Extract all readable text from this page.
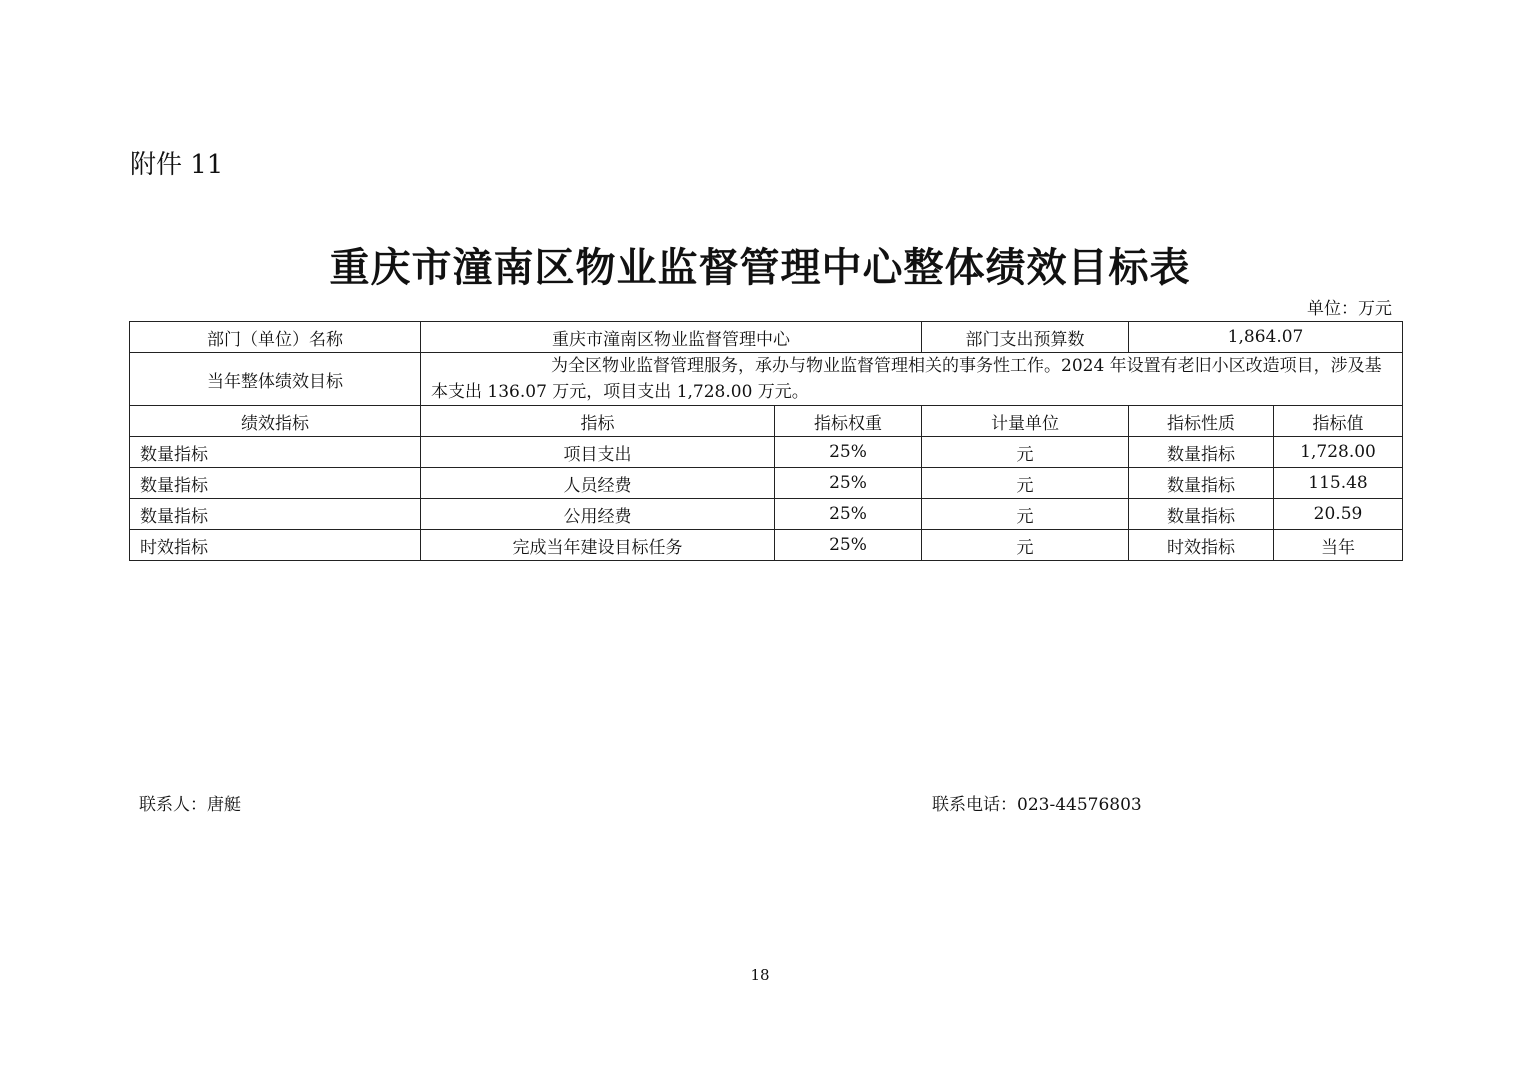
附件 11
重庆市潼南区物业监督管理中心整体绩效目标表
单位：万元
部门（单位）名称	重庆市潼南区物业监督管理中心		部门支出预算数	1,864.07	
当年整体绩效目标	为全区物业监督管理服务，承办与物业监督管理相关的事务性工作。2024 年设置有老旧小区改造项目，涉及基本支出 136.07 万元，项目支出 1,728.00 万元。				
绩效指标	指标	指标权重	计量单位	指标性质	指标值
数量指标	项目支出	25%	元	数量指标	1,728.00
数量指标	人员经费	25%	元	数量指标	115.48
数量指标	公用经费	25%	元	数量指标	20.59
时效指标	完成当年建设目标任务	25%	元	时效指标	当年
联系人：唐艇	联系电话：023-44576803
18
